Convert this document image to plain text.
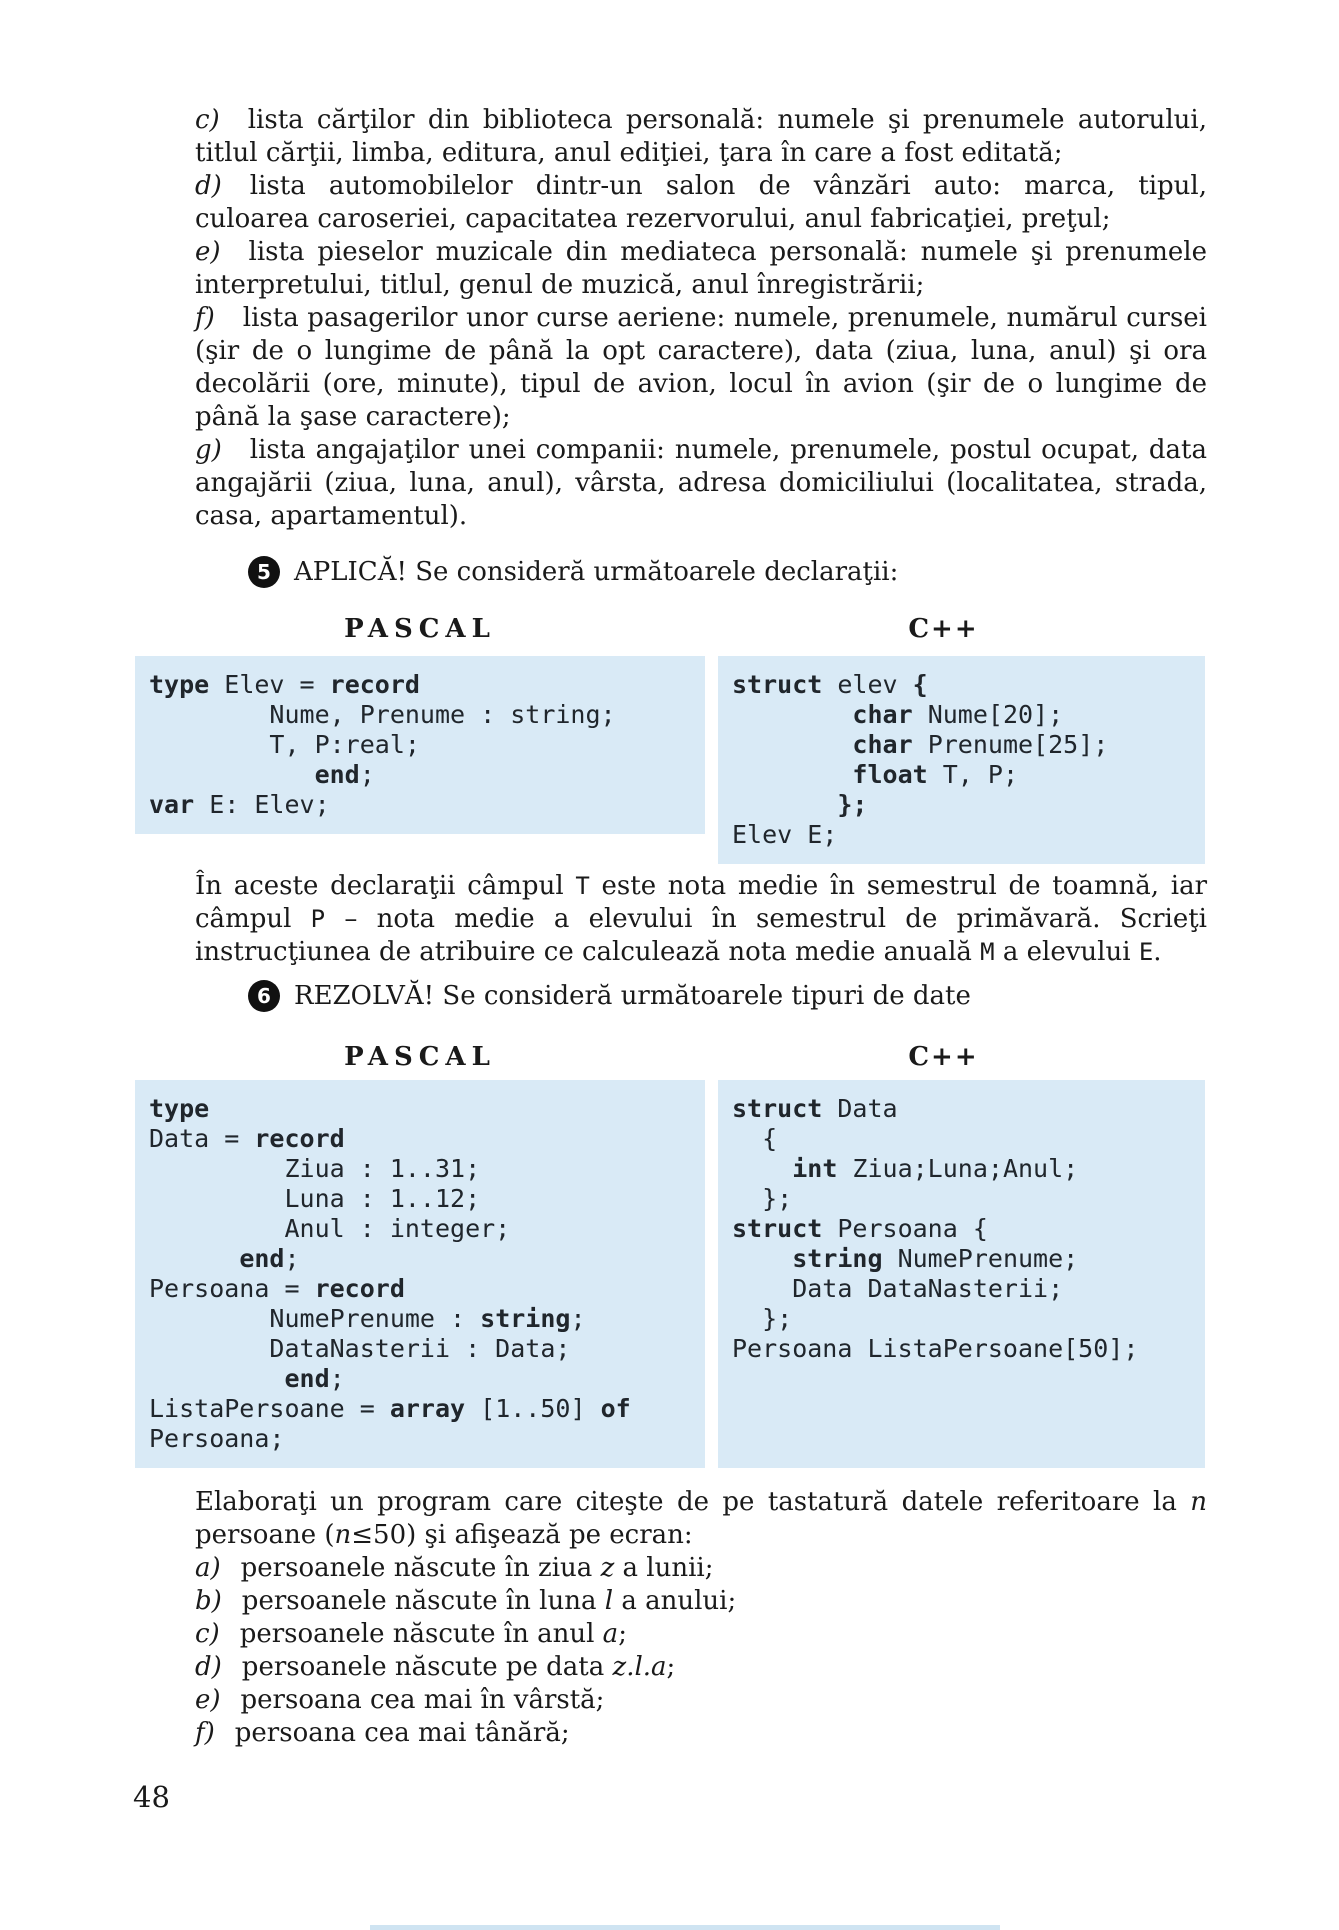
c) lista cărţilor din biblioteca personală: numele şi prenumele autorului, titlul cărţii, limba, editura, anul ediţiei, ţara în care a fost editată;

d) lista automobilelor dintr-un salon de vânzări auto: marca, tipul, culoarea caroseriei, capacitatea rezervorului, anul fabricaţiei, preţul;

e) lista pieselor muzicale din mediateca personală: numele şi prenumele interpretului, titlul, genul de muzică, anul înregistrării;

f) lista pasagerilor unor curse aeriene: numele, prenumele, numărul cursei (şir de o lungime de până la opt caractere), data (ziua, luna, anul) şi ora decolării (ore, minute), tipul de avion, locul în avion (şir de o lungime de până la şase caractere);

g) lista angajaţilor unei companii: numele, prenumele, postul ocupat, data angajării (ziua, luna, anul), vârsta, adresa domiciliului (localitatea, strada, casa, apartamentul).

5 APLICĂ! Se consideră următoarele declaraţii:
PASCAL	C++
type Elev = record
Nume, Prenume : string;
T, P:real;
end;
var E: Elev;
struct elev {
char Nume[20];
char Prenume[25];
float T, P;
};
Elev E;

În aceste declaraţii câmpul T este nota medie în semestrul de toamnă, iar câmpul P – nota medie a elevului în semestrul de primăvară. Scrieţi instrucţiunea de atribuire ce calculează nota medie anuală M a elevului E.

6 REZOLVĂ! Se consideră următoarele tipuri de date
PASCAL	C++
type
Data = record
Ziua : 1..31;
Luna : 1..12;
Anul : integer;
end;
Persoana = record
NumePrenume : string;
DataNasterii : Data;
end;
ListaPersoane = array [1..50] of
Persoana;
struct Data
{
int Ziua;Luna;Anul;
};
struct Persoana {
string NumePrenume;
Data DataNasterii;
};
Persoana ListaPersoane[50];

Elaboraţi un program care citeşte de pe tastatură datele referitoare la n persoane (n≤50) şi afişează pe ecran:

a) persoanele născute în ziua z a lunii;

b) persoanele născute în luna l a anului;

c) persoanele născute în anul a;

d) persoanele născute pe data z.l.a;

e) persoana cea mai în vârstă;

f) persoana cea mai tânără;

48
